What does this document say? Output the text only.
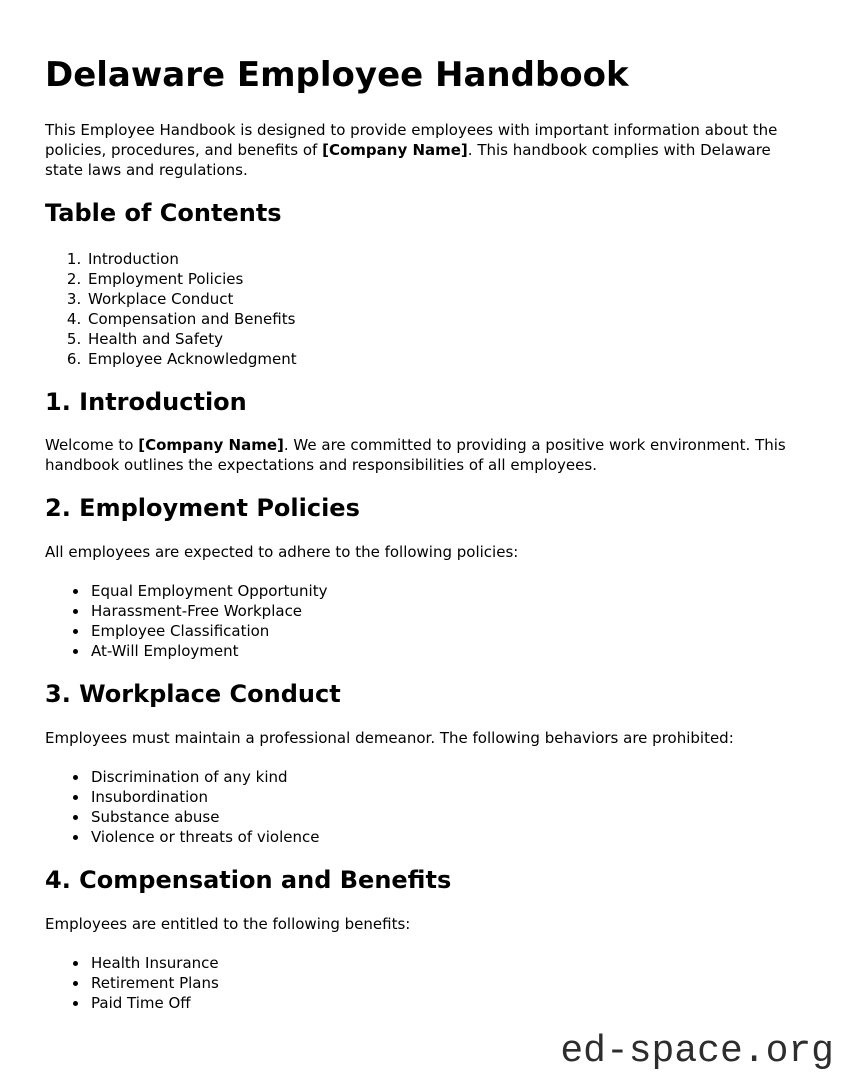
Delaware Employee Handbook

This Employee Handbook is designed to provide employees with important information about the policies, procedures, and benefits of [Company Name]. This handbook complies with Delaware state laws and regulations.

Table of Contents
1. Introduction
2. Employment Policies
3. Workplace Conduct
4. Compensation and Benefits
5. Health and Safety
6. Employee Acknowledgment
1. Introduction

Welcome to [Company Name]. We are committed to providing a positive work environment. This handbook outlines the expectations and responsibilities of all employees.

2. Employment Policies

All employees are expected to adhere to the following policies:

• Equal Employment Opportunity
• Harassment-Free Workplace
• Employee Classification
• At-Will Employment
3. Workplace Conduct

Employees must maintain a professional demeanor. The following behaviors are prohibited:

• Discrimination of any kind
• Insubordination
• Substance abuse
• Violence or threats of violence
4. Compensation and Benefits

Employees are entitled to the following benefits:

• Health Insurance
• Retirement Plans
• Paid Time Off
ed-space.org
